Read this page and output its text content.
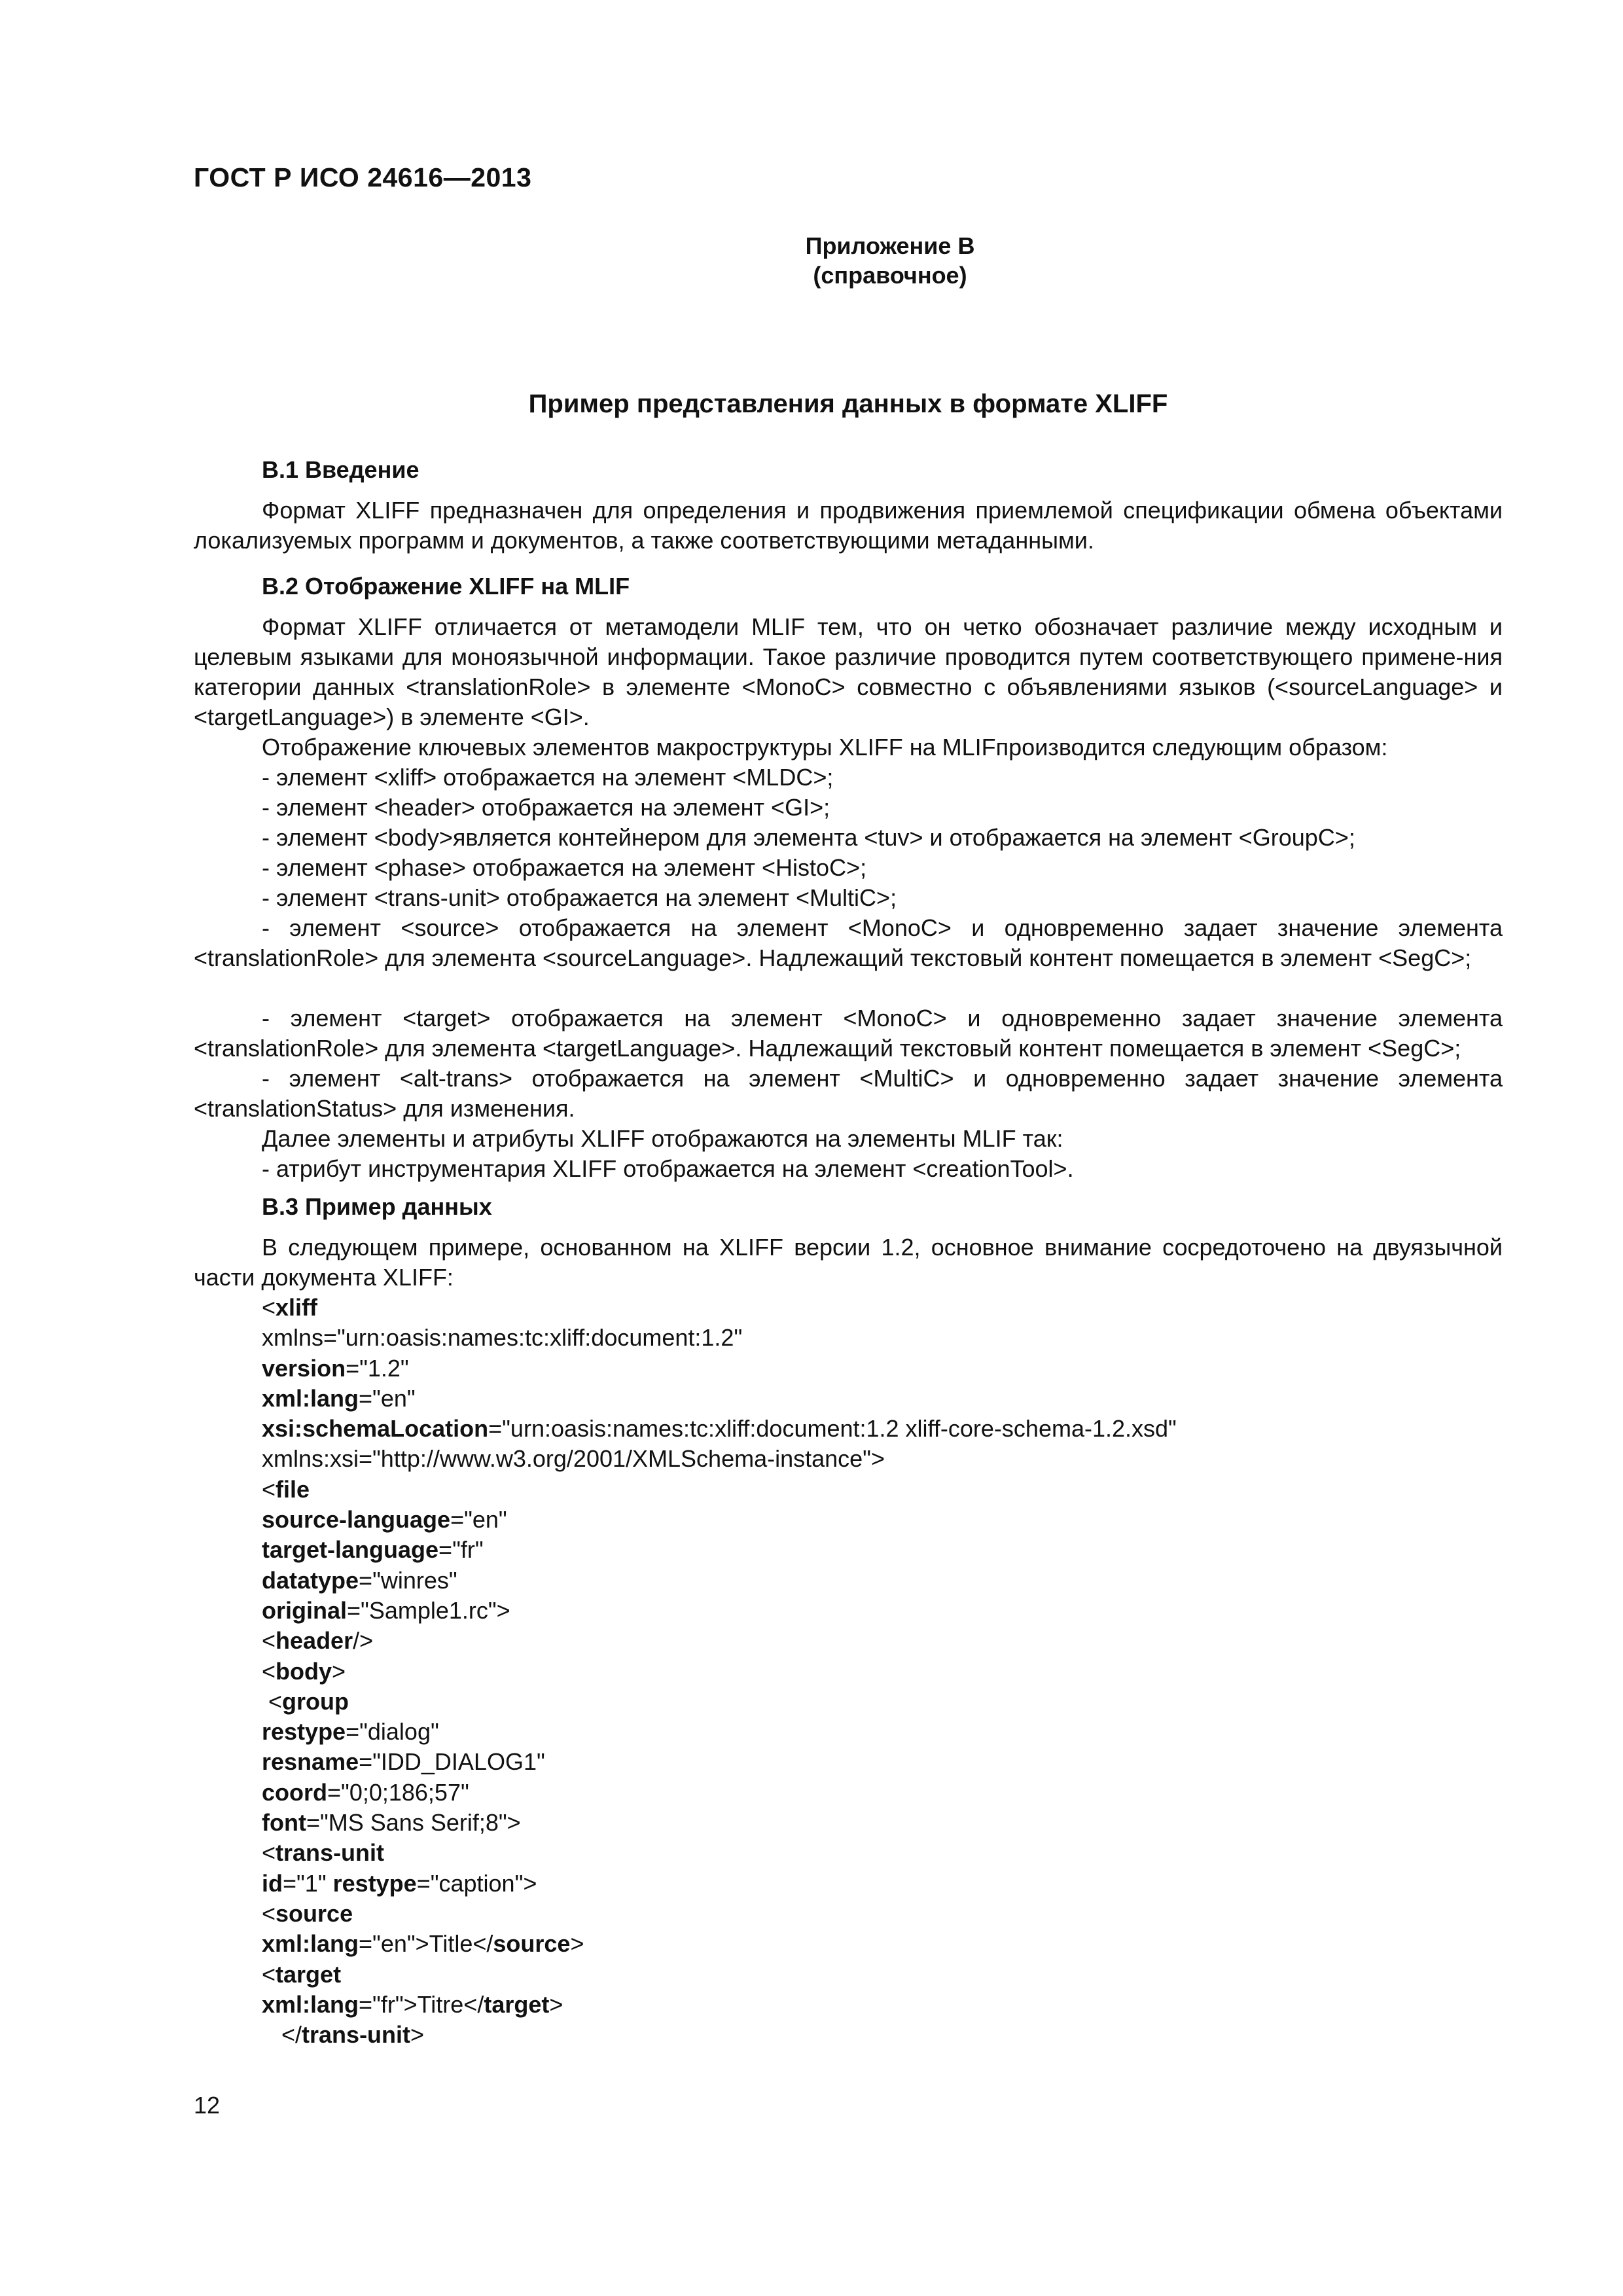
ГОСТ Р ИСО 24616—2013
Приложение В
(справочное)
Пример представления данных в формате XLIFF
В.1 Введение
Формат XLIFF предназначен для определения и продвижения приемлемой спецификации обмена объектами локализуемых программ и документов, а также соответствующими метаданными.
В.2 Отображение XLIFF на MLIF
Формат XLIFF отличается от метамодели MLIF тем, что он четко обозначает различие между исходным и целевым языками для моноязычной информации. Такое различие проводится путем соответствующего примене-ния категории данных <translationRole> в элементе <MonoC> совместно с объявлениями языков (<sourceLanguage> и <targetLanguage>) в элементе <GI>.
Отображение ключевых элементов макроструктуры XLIFF на MLIFпроизводится следующим образом:
- элемент <xliff> отображается на элемент <MLDC>;
- элемент <header> отображается на элемент <GI>;
- элемент <body>является контейнером для элемента <tuv> и отображается на элемент <GroupC>;
- элемент <phase> отображается на элемент <HistoC>;
- элемент <trans-unit> отображается на элемент <MultiC>;
- элемент <source> отображается на элемент <MonoC> и одновременно задает значение элемента <translationRole> для элемента <sourceLanguage>. Надлежащий текстовый контент помещается в элемент <SegC>;
- элемент <target> отображается на элемент <MonoC> и одновременно задает значение элемента <translationRole> для элемента <targetLanguage>. Надлежащий текстовый контент помещается в элемент <SegC>;
- элемент <alt-trans> отображается на элемент <MultiC> и одновременно задает значение элемента <translationStatus> для изменения.
Далее элементы и атрибуты XLIFF отображаются на элементы MLIF так:
- атрибут инструментария XLIFF отображается на элемент <creationTool>.
В.3 Пример данных
В следующем примере, основанном на XLIFF версии 1.2, основное внимание сосредоточено на двуязычной части документа XLIFF:
<xliff
xmlns="urn:oasis:names:tc:xliff:document:1.2"
version="1.2"
xml:lang="en"
xsi:schemaLocation="urn:oasis:names:tc:xliff:document:1.2 xliff-core-schema-1.2.xsd"
xmlns:xsi="http://www.w3.org/2001/XMLSchema-instance">
<file
source-language="en"
target-language="fr"
datatype="winres"
original="Sample1.rc">
<header/>
<body>
<group
restype="dialog"
resname="IDD_DIALOG1"
coord="0;0;186;57"
font="MS Sans Serif;8">
<trans-unit
id="1" restype="caption">
<source
xml:lang="en">Title</source>
<target
xml:lang="fr">Titre</target>
</trans-unit>
12
